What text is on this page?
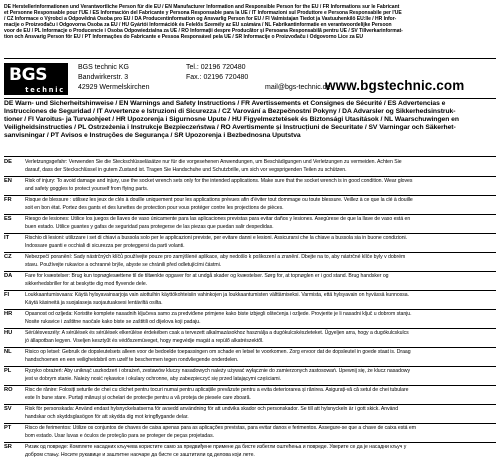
DE Herstellerinformationen und Verantwortliche Person für die EU / EN Manufacturer Information and Responsible Person for the EU / FR Informations sur le Fabricant
et Personne Responsable pour l'UE / ES Información del Fabricante y Persona Responsable para la UE / IT Informazioni sul Produttore e Persona Responsabile per l'UE
/ CZ Informace o Výrobci a Odpovědná Osoba pro EU / DA Producentinformation og Ansvarlig Person for EU / FI Valmistajan Tiedot ja Vastuuhenkilö EU:lle / HR Infor-
macije o Proizvođaču i Odgovorna Osoba za EU / HU Gyártói Információk és Felelős Személy az EU számára / NL Fabrikantinformatie en verantwoordelijke Persoon
voor de EU / PL Informacje o Producencie i Osoba Odpowiedzialna za UE / RO Informații despre Producător și Persoana Responsabilă pentru UE / SV Tillverkarinformat-
tion och Ansvarig Person för EU / PT Informações do Fabricante e Pessoa Responsável pela UE / SR Informacije o Proizvođaču i Odgovorno Lice za EU
BGS
technic
BGS technic KG
Bandwirkerstr. 3
42929 Wermelskirchen
Tel.: 02196 720480
Fax.: 02196 720480
mail@bgs-technic.de
www.bgstechnic.com
DE Warn- und Sicherheitshinweise / EN Warnings and Safety Instructions / FR Avertissements et Consignes de Sécurité / ES Advertencias e
Instrucciones de Seguridad / IT Avvertenze e Istruzioni di Sicurezza / CZ Varování a Bezpečnostní Pokyny / DA Advarsler og Sikkerhedsinstruk-
tioner / FI Varoitus- ja Turvaohjeet / HR Upozorenja i Sigurnosne Upute / HU Figyelmeztetések és Biztonsági Utasítások / NL Waarschuwingen en
Veiligheidsinstructies / PL Ostrzeżenia i Instrukcje Bezpieczeństwa / RO Avertismente și Instrucțiuni de Securitate / SV Varningar och Säkerhet-
sanvisningar / PT Avisos e Instruções de Segurança / SR Upozorenja i Bezbednosna Uputstva
DE	Verletzungsgefahr: Verwenden Sie die Steckschlüsseläsätze nur für die vorgesehenen Anwendungen, um Beschädigungen und Verletzungen zu vermeiden. Achten Sie
darauf, dass der Steckschlüssel in gutem Zustand ist. Tragen Sie Handschuhe und Schutzbrille, um sich vor vegsprigenden Teilen zu schützen.
EN	Risk of injury: To avoid damage and injury, use the socket wrench sets only for the intended applications. Make sure that the socket wrench is in good condition. Wear gloves
and safety goggles to protect yourself from flying parts.
FR	Risque de blessure : utilisez les jeux de clés à douille uniquement pour les applications prévues afin d'éviter tout dommage ou toute blessure. Veillez à ce que la clé à douille
soit en bon état. Portez des gants et des lunettes de protection pour vous protéger contre les projections de pièces.
ES	Riesgo de lesiones: Utilice los juegos de llaves de vaso únicamente para las aplicaciones previstas para evitar daños y lesiones. Asegúrese de que la llave de vaso está en
buen estado. Utilice guantes y gafas de seguridad para protegerse de las piezas que puedan salir despedidas.
IT	Rischio di lesioni: utilizzare i set di chiavi a bussola solo per le applicazioni previste, per evitare danni e lesioni. Assicurarsi che la chiave a bussola sia in buone condizioni.
Indossare guanti e occhiali di sicurezza per proteggersi da parti volanti.
CZ	Nebezpečí poranění: Sady nástrčných klíčů používejte pouze pro zamýšlené aplikace, aby nedošlo k poškození a zranění. Dbejte na to, aby nástrčné klíče byly v dobrém
stavu. Používejte rukavice a ochranné brýle, abyste se chránili před odletujícími částmi.
DA	Fare for kvæstelser: Brug kun topnøglesættene til de tiltænkte opgaver for at undgå skader og kvæstelser. Sørg for, at topnøglen er i god stand. Brug handsker og
sikkerhedsbriller for at beskytte dig mod flyvende dele.
FI	Loukkaantumisvaara: Käytä hylsyavainsarjoja vain aiottuihin käyttökohteisiin vahinkojen ja loukkaantumisten välttämiseksi. Varmista, että hylsyavain on hyvässä kunnossa.
Käytä käsineitä ja suojalaseja suojautuaksesi lentäviltä osilta.
HR	Opasnost od ozljeda: Koristite komplete nasadnih ključeva samo za predviđene primjene kako biste izbjegli oštećenja i ozljede. Provjerite je li nasadni ključ u dobrom stanju.
Nosite rukavice i zaštitne naočale kako biste se zaštitili od dijelova koji padaju.
HU	Sérülésveszély: A sérülések és sérülések elkerülése érdekében csak a tervezett alkalmazásokhoz használja a dugókulcskészleteket. Ügyeljen arra, hogy a dugókulcskulcs
jó állapotban legyen. Viseljen kesztyűt és védőszemüveget, hogy megvédje magát a repülő alkatrészektől.
NL	Risico op letsel: Gebruik de dopsleutelsets alleen voor de bedoelde toepassingen om schade en letsel te voorkomen. Zorg ervoor dat de dopsleutel in goede staat is. Draag
handschoenen en een veiligheidsbril om uzelf te beschermen tegen rondvliegende onderdelen.
PL	Ryzyko obrażeń: Aby uniknąć uszkodzeń i obrażeń, zestawów kluczy nasadowych należy używać wyłącznie do zamierzonych zastosowań. Upewnij się, że klucz nasadowy
jest w dobrym stanie. Należy nosić rękawice i okulary ochronne, aby zabezpieczyć się przed latającymi częściami.
RO	Risc de rănire: Folosiți seturile de chei cu clichet pentru tocuri numai pentru aplicațiile prevăzute pentru a evita deteriorarea și rănirea. Asigurați-vă că setul de chei tubulare
este în bune stare. Purtați mănuși și ochelari de protecție pentru a vă proteja de piesele care zboară.
SV	Risk för personskada: Använd endast hylsnyckelsatserna för avsedd användning för att undvika skador och personskador. Se till att hylsnyckeln är i gott skick. Använd
handskar och skyddsglasögon för att skydda dig mot kringflygande delar.
PT	Risco de ferimentos: Utilize os conjuntos de chaves de caixa apenas para as aplicações previstas, para evitar danos e ferimentos. Assegure-se que a chave de caixa está em
bom estado. Usar luvas e óculos de proteção para se proteger de peças projetadas.
SR	Ризик од повреде: Комплете насадних кључева користите само за предвиђене примене да бисте избегли оштећења и повреде. Уверите се да је насадни кључ у
добром стању. Носите рукавице и заштитне наочаре да бисте се заштитили од делова који лете.
